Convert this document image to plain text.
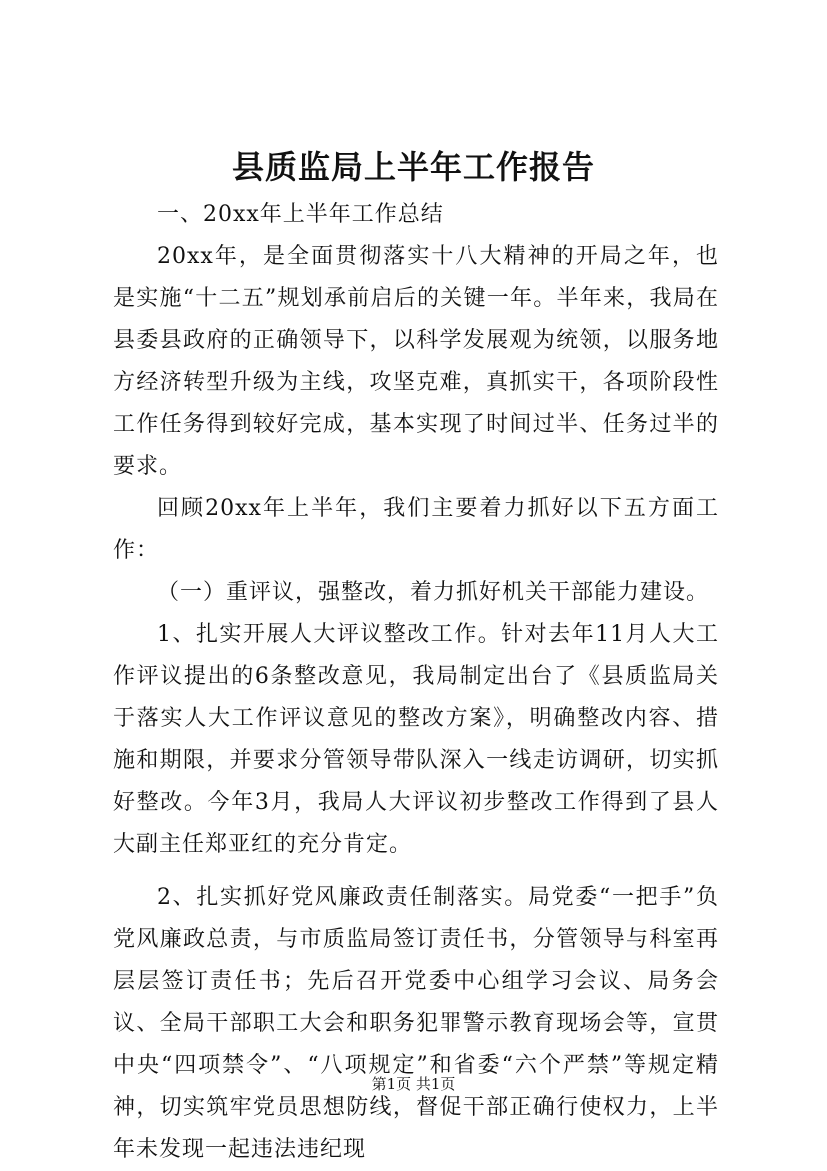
县质监局上半年工作报告

一、20xx年上半年工作总结

20xx年，是全面贯彻落实十八大精神的开局之年，也是实施“十二五”规划承前启后的关键一年。半年来，我局在县委县政府的正确领导下，以科学发展观为统领，以服务地方经济转型升级为主线，攻坚克难，真抓实干，各项阶段性工作任务得到较好完成，基本实现了时间过半、任务过半的要求。

回顾20xx年上半年，我们主要着力抓好以下五方面工作：

（一）重评议，强整改，着力抓好机关干部能力建设。

1、扎实开展人大评议整改工作。针对去年11月人大工作评议提出的6条整改意见，我局制定出台了《县质监局关于落实人大工作评议意见的整改方案》，明确整改内容、措施和期限，并要求分管领导带队深入一线走访调研，切实抓好整改。今年3月，我局人大评议初步整改工作得到了县人大副主任郑亚红的充分肯定。

2、扎实抓好党风廉政责任制落实。局党委“一把手”负党风廉政总责，与市质监局签订责任书，分管领导与科室再层层签订责任书；先后召开党委中心组学习会议、局务会议、全局干部职工大会和职务犯罪警示教育现场会等，宣贯中央“四项禁令”、“八项规定”和省委“六个严禁”等规定精神，切实筑牢党员思想防线，督促干部正确行使权力，上半年未发现一起违法违纪现

第1页 共1页
